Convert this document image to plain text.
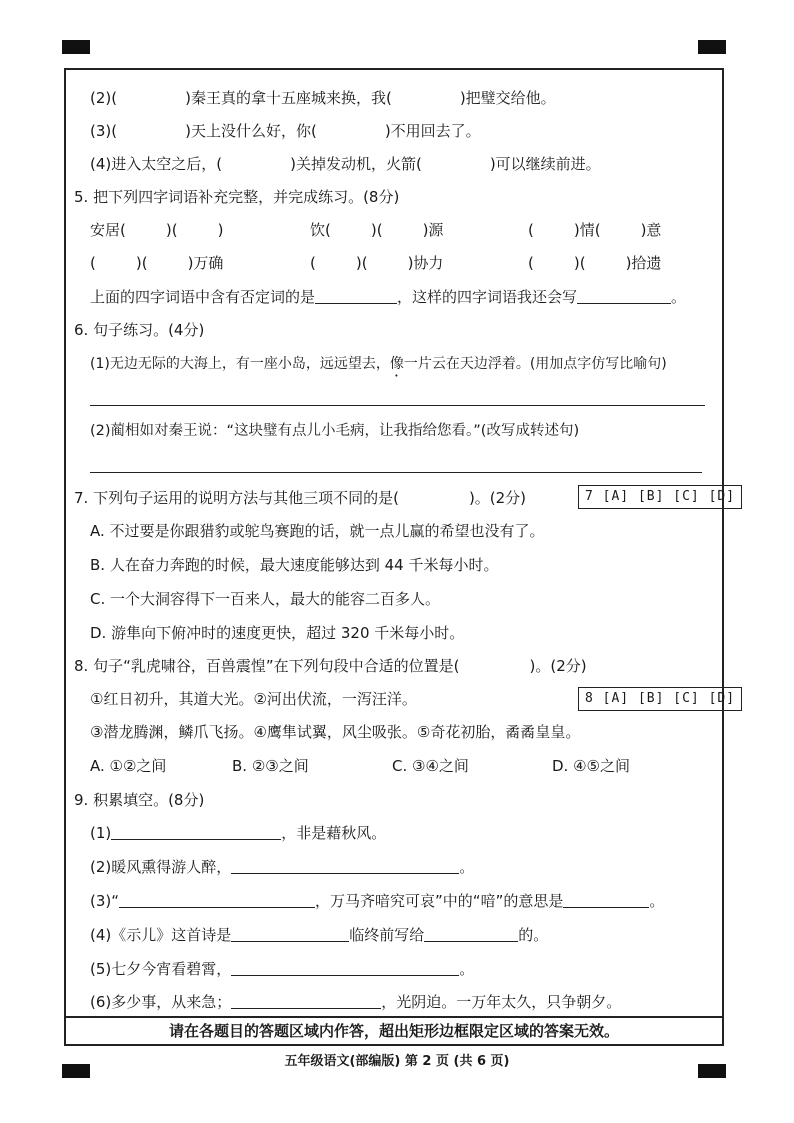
(2)(	)秦王真的拿十五座城来换，我(	)把璧交给他。
(3)(	)天上没什么好，你(	)不用回去了。
(4)进入太空之后，(	)关掉发动机，火箭(	)可以继续前进。
5. 把下列四字词语补充完整，并完成练习。(8分)
安居(	)(	)	饮(	)(	)源	(	)情(	)意
(	)(	)万确	(	)(	)协力	(	)(	)拾遗
上面的四字词语中含有否定词的是	，这样的四字词语我还会写	。
6. 句子练习。(4分)
(1)无边无际的大海上，有一座小岛，远远望去，像一片云在天边浮着。(用加点字仿写比喻句)
(2)蔺相如对秦王说：“这块璧有点儿小毛病，让我指给您看。”(改写成转述句)
7. 下列句子运用的说明方法与其他三项不同的是(	)。(2分)	7 [A] [B] [C] [D]
A. 不过要是你跟猎豹或鸵鸟赛跑的话，就一点儿赢的希望也没有了。
B. 人在奋力奔跑的时候，最大速度能够达到 44 千米每小时。
C. 一个大洞容得下一百来人，最大的能容二百多人。
D. 游隼向下俯冲时的速度更快，超过 320 千米每小时。
8. 句子“乳虎啸谷，百兽震惶”在下列句段中合适的位置是(	)。(2分)
①红日初升，其道大光。②河出伏流，一泻汪洋。	8 [A] [B] [C] [D]
③潜龙腾渊，鳞爪飞扬。④鹰隼试翼，风尘吸张。⑤奇花初胎，矞矞皇皇。
A. ①②之间	B. ②③之间	C. ③④之间	D. ④⑤之间
9. 积累填空。(8分)
(1)	，非是藉秋风。
(2)暖风熏得游人醉，	。
(3)“	，万马齐喑究可哀”中的“喑”的意思是	。
(4)《示儿》这首诗是	临终前写给	的。
(5)七夕今宵看碧霄，	。
(6)多少事，从来急；	，光阴迫。一万年太久，只争朝夕。
请在各题目的答题区域内作答，超出矩形边框限定区域的答案无效。
五年级语文(部编版) 第 2 页 (共 6 页)
